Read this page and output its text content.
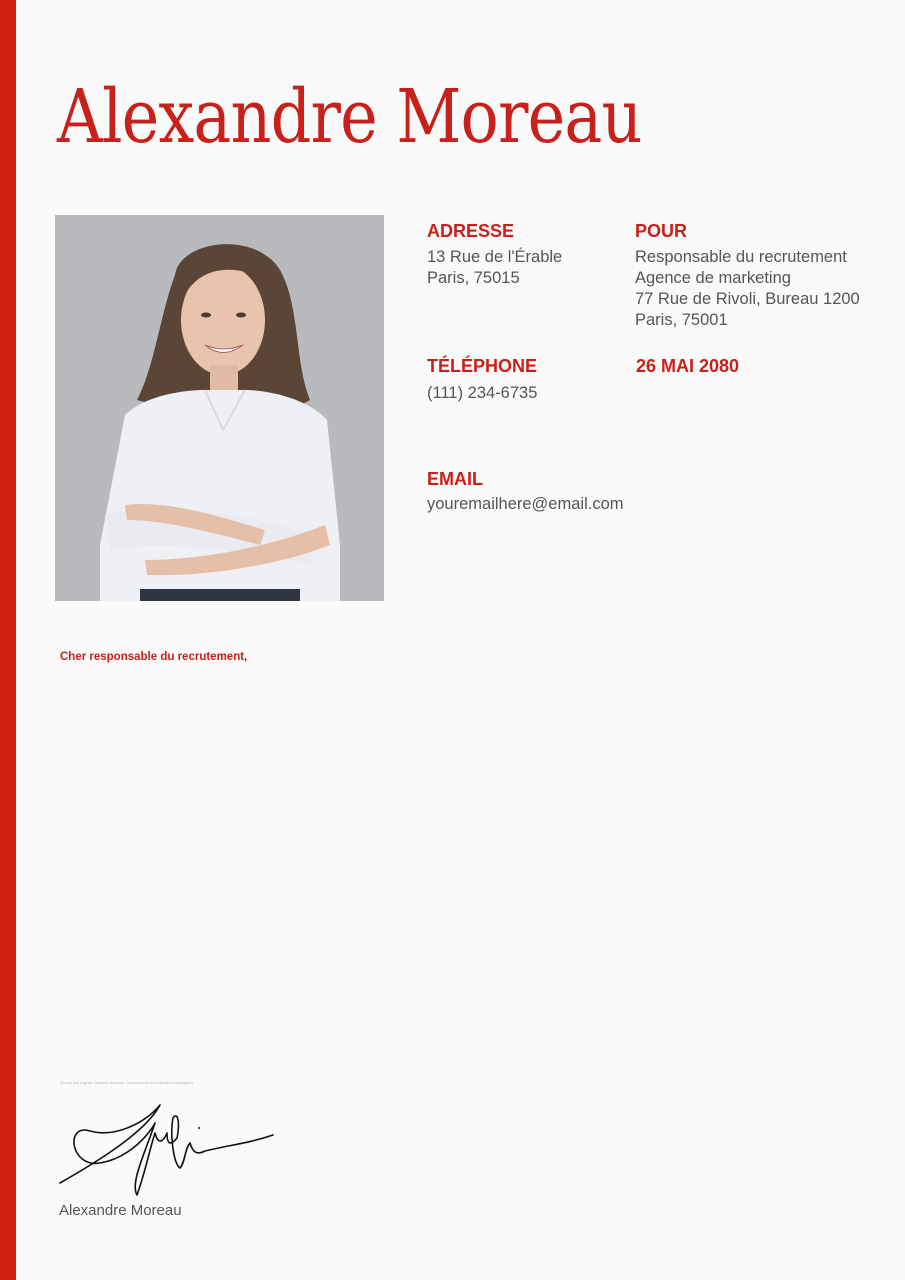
Alexandre Moreau
ADRESSE
13 Rue de l'Érable
Paris, 75015
POUR
Responsable du recrutement
Agence de marketing
77 Rue de Rivoli, Bureau 1200
Paris, 75001
TÉLÉPHONE
(111) 234-6735
26 MAI 2080
EMAIL
youremailhere@email.com
Cher responsable du recrutement,
Je vous prie d'agréer, Madame, Monsieur, l'expression de mes salutations distinguées.
Alexandre Moreau
